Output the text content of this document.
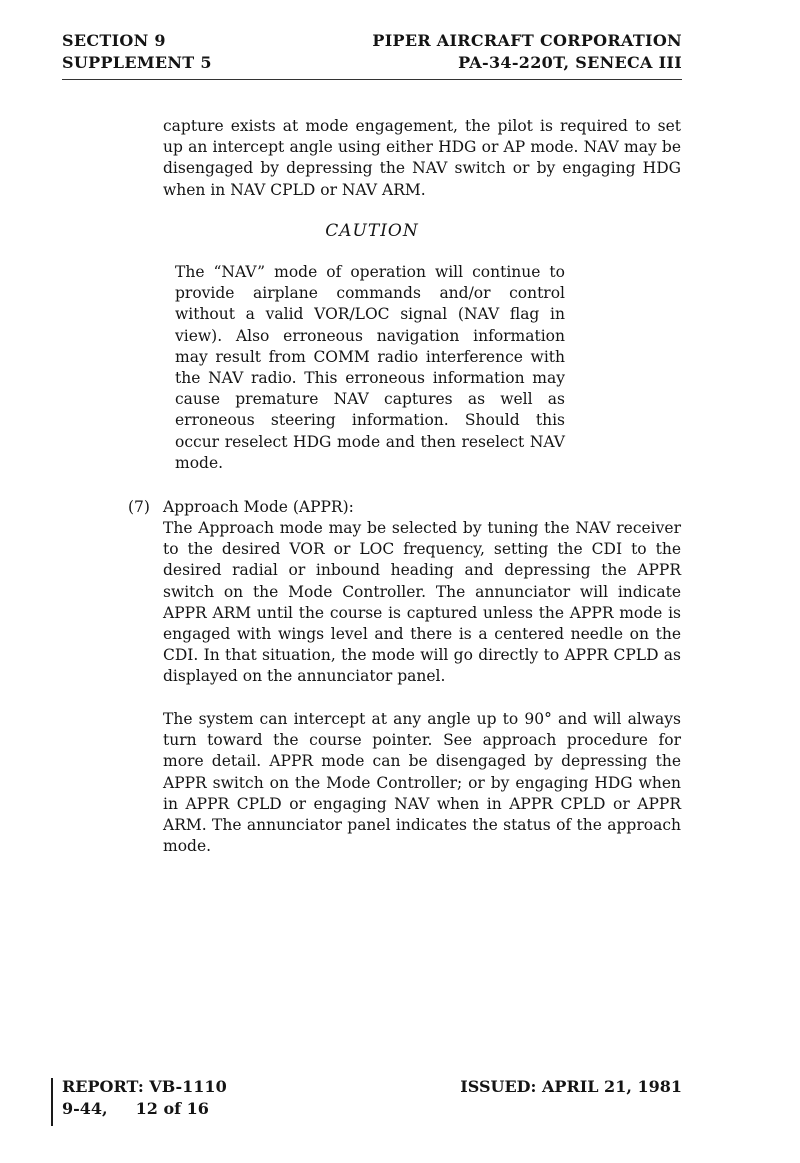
SECTION 9
SUPPLEMENT 5
PIPER AIRCRAFT CORPORATION
PA-34-220T, SENECA III

capture exists at mode engagement, the pilot is required to set up an intercept angle using either HDG or AP mode. NAV may be disengaged by depressing the NAV switch or by engaging HDG when in NAV CPLD or NAV ARM.

CAUTION

The “NAV” mode of operation will continue to provide airplane commands and/or control without a valid VOR/LOC signal (NAV flag in view). Also erroneous navigation information may result from COMM radio interference with the NAV radio. This erroneous information may cause premature NAV captures as well as erroneous steering information. Should this occur reselect HDG mode and then reselect NAV mode.

(7) Approach Mode (APPR):

The Approach mode may be selected by tuning the NAV receiver to the desired VOR or LOC frequency, setting the CDI to the desired radial or inbound heading and depressing the APPR switch on the Mode Controller. The annunciator will indicate APPR ARM until the course is captured unless the APPR mode is engaged with wings level and there is a centered needle on the CDI. In that situation, the mode will go directly to APPR CPLD as displayed on the annunciator panel.

The system can intercept at any angle up to 90° and will always turn toward the course pointer. See approach procedure for more detail. APPR mode can be disengaged by depressing the APPR switch on the Mode Controller; or by engaging HDG when in APPR CPLD or engaging NAV when in APPR CPLD or APPR ARM. The annunciator panel indicates the status of the approach mode.

REPORT: VB-1110
9-44, 12 of 16
ISSUED: APRIL 21, 1981
